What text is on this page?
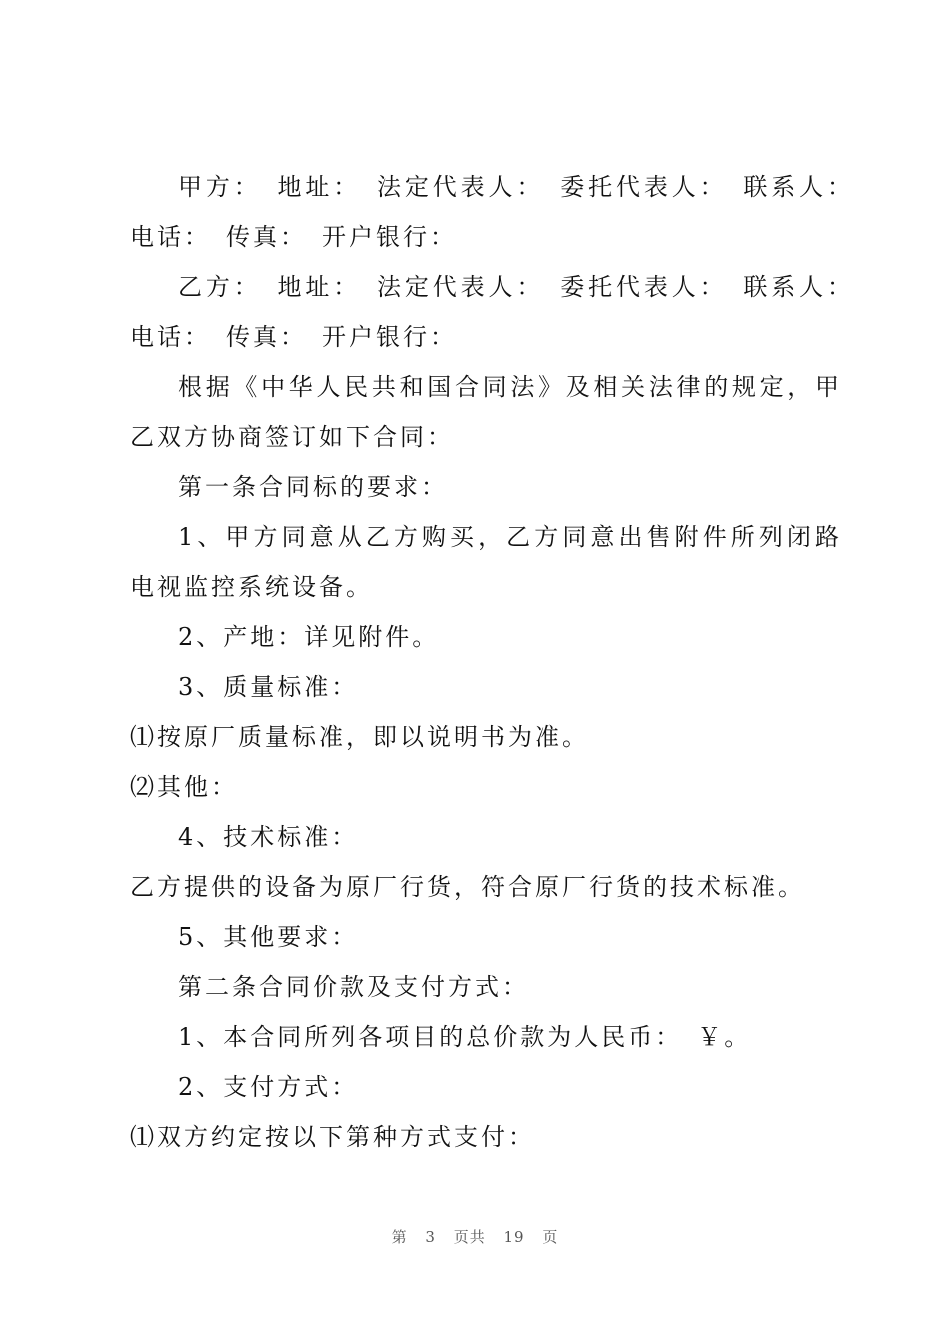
甲方：　地址：　法定代表人：　委托代表人：　联系人：　电话：　传真：　开户银行：

乙方：　地址：　法定代表人：　委托代表人：　联系人：　电话：　传真：　开户银行：

根据《中华人民共和国合同法》及相关法律的规定，甲乙双方协商签订如下合同：

第一条合同标的要求：

1、甲方同意从乙方购买，乙方同意出售附件所列闭路电视监控系统设备。

2、产地：详见附件。

3、质量标准：

⑴按原厂质量标准，即以说明书为准。

⑵其他：

4、技术标准：

乙方提供的设备为原厂行货，符合原厂行货的技术标准。

5、其他要求：

第二条合同价款及支付方式：

1、本合同所列各项目的总价款为人民币：　￥。

2、支付方式：

⑴双方约定按以下第种方式支付：

第 3 页共 19 页
